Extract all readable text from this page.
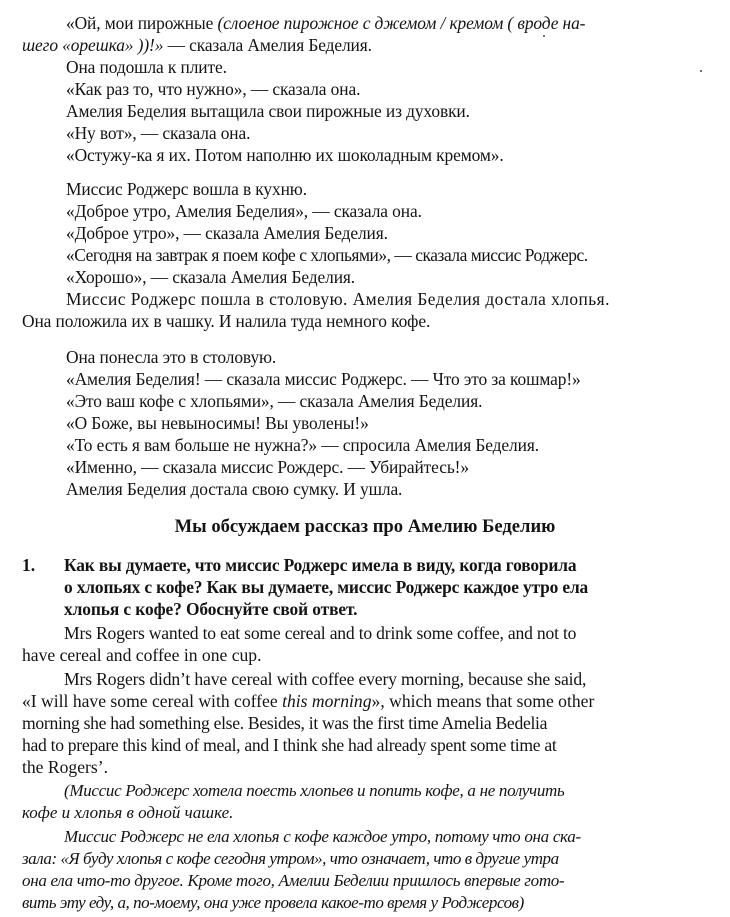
«Ой, мои пирожные (слоеное пирожное с джемом / кремом ( вроде на-
шего «орешка» ))!» — сказала Амелия Беделия.
Она подошла к плите.
«Как раз то, что нужно», — сказала она.
Амелия Беделия вытащила свои пирожные из духовки.
«Ну вот», — сказала она.
«Остужу-ка я их. Потом наполню их шоколадным кремом».
Миссис Роджерс вошла в кухню.
«Доброе утро, Амелия Беделия», — сказала она.
«Доброе утро», — сказала Амелия Беделия.
«Сегодня на завтрак я поем кофе с хлопьями», — сказала миссис Роджерс.
«Хорошо», — сказала Амелия Беделия.
Миссис Роджерс пошла в столовую. Амелия Беделия достала хлопья.
Она положила их в чашку. И налила туда немного кофе.
Она понесла это в столовую.
«Амелия Беделия! — сказала миссис Роджерс. — Что это за кошмар!»
«Это ваш кофе с хлопьями», — сказала Амелия Беделия.
«О Боже, вы невыносимы! Вы уволены!»
«То есть я вам больше не нужна?» — спросила Амелия Беделия.
«Именно, — сказала миссис Рождерс. — Убирайтесь!»
Амелия Беделия достала свою сумку. И ушла.
Мы обсуждаем рассказ про Амелию Беделию
1. Как вы думаете, что миссис Роджерс имела в виду, когда говорила
о хлопьях с кофе? Как вы думаете, миссис Роджерс каждое утро ела
хлопья с кофе? Обоснуйте свой ответ.
Mrs Rogers wanted to eat some cereal and to drink some coffee, and not to
have cereal and coffee in one cup.
Mrs Rogers didn’t have cereal with coffee every morning, because she said,
«I will have some cereal with coffee this morning», which means that some other
morning she had something else. Besides, it was the first time Amelia Bedelia
had to prepare this kind of meal, and I think she had already spent some time at
the Rogers’.
(Миссис Роджерс хотела поесть хлопьев и попить кофе, а не получить
кофе и хлопья в одной чашке.
Миссис Роджерс не ела хлопья с кофе каждое утро, потому что она ска-
зала: «Я буду хлопья с кофе сегодня утром», что означает, что в другие утра
она ела что-то другое. Кроме того, Амелии Беделии пришлось впервые гото-
вить эту еду, а, по-моему, она уже провела какое-то время у Роджерсов)
